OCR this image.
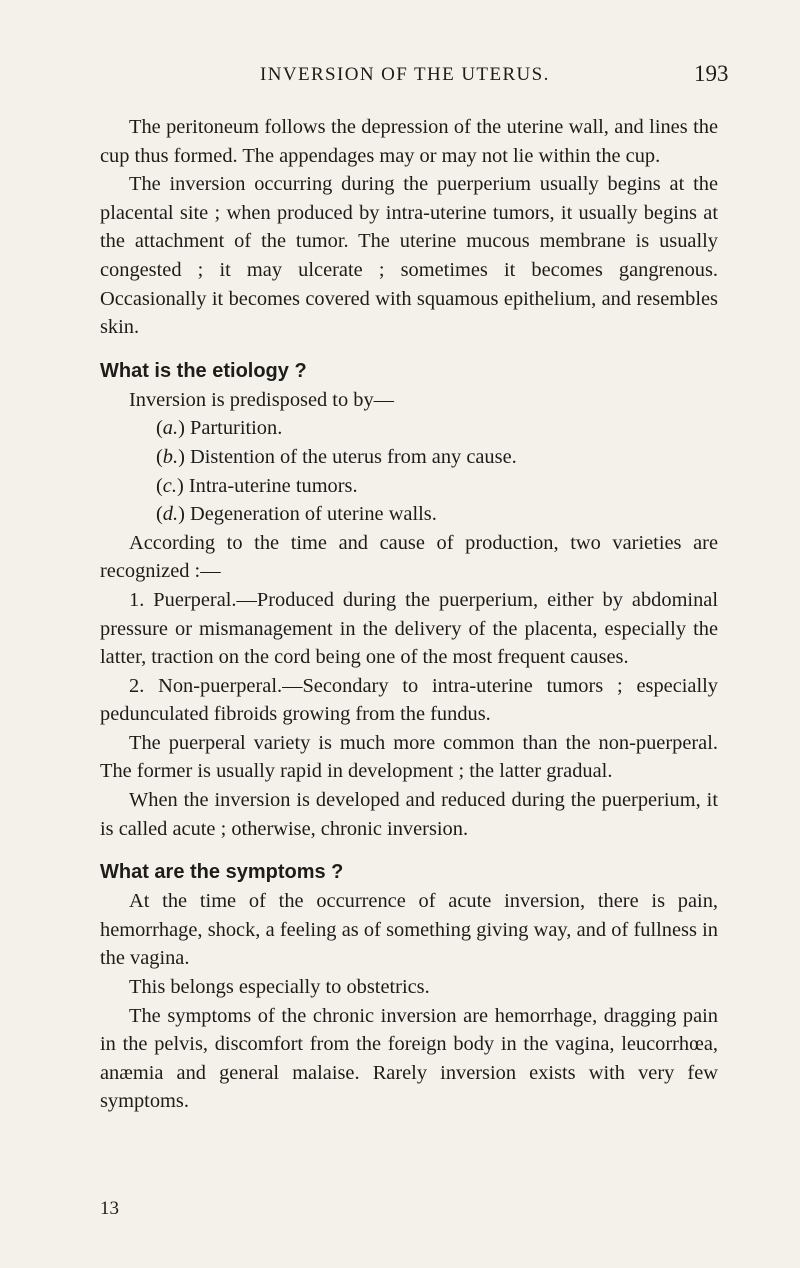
INVERSION OF THE UTERUS.	193

The peritoneum follows the depression of the uterine wall, and lines the cup thus formed. The appendages may or may not lie within the cup.

The inversion occurring during the puerperium usually begins at the placental site ; when produced by intra-uterine tumors, it usually begins at the attachment of the tumor. The uterine mucous membrane is usually congested ; it may ulcerate ; sometimes it becomes gangrenous. Occasionally it becomes covered with squamous epithelium, and resembles skin.

What is the etiology ?

Inversion is predisposed to by—

(a.) Parturition.

(b.) Distention of the uterus from any cause.

(c.) Intra-uterine tumors.

(d.) Degeneration of uterine walls.

According to the time and cause of production, two varieties are recognized :—

1. Puerperal.—Produced during the puerperium, either by abdominal pressure or mismanagement in the delivery of the placenta, especially the latter, traction on the cord being one of the most frequent causes.

2. Non-puerperal.—Secondary to intra-uterine tumors ; especially pedunculated fibroids growing from the fundus.

The puerperal variety is much more common than the non-puerperal. The former is usually rapid in development ; the latter gradual.

When the inversion is developed and reduced during the puerperium, it is called acute ; otherwise, chronic inversion.

What are the symptoms ?

At the time of the occurrence of acute inversion, there is pain, hemorrhage, shock, a feeling as of something giving way, and of fullness in the vagina.

This belongs especially to obstetrics.

The symptoms of the chronic inversion are hemorrhage, dragging pain in the pelvis, discomfort from the foreign body in the vagina, leucorrhœa, anæmia and general malaise. Rarely inversion exists with very few symptoms.

13
